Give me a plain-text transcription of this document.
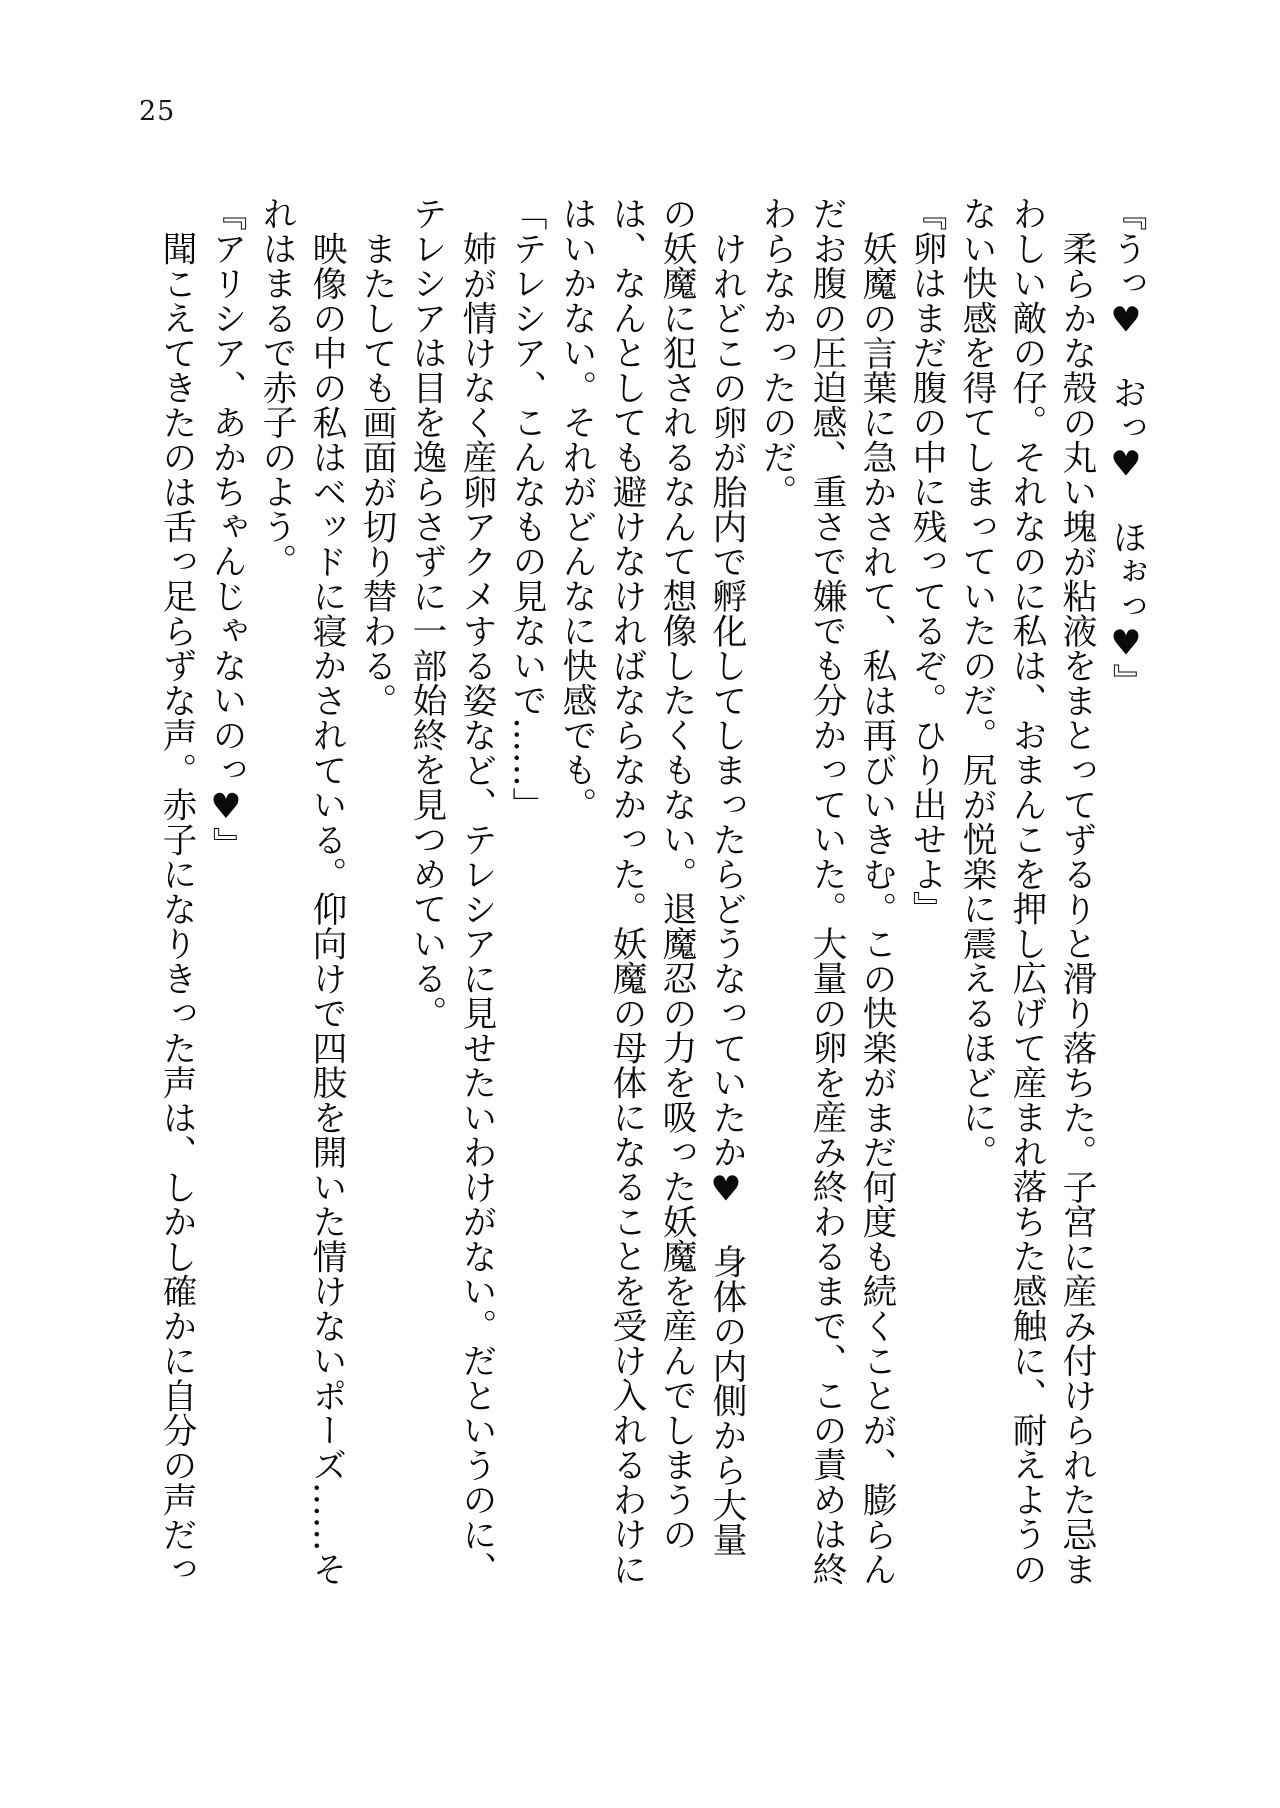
25

『うっ♥　おっ♥　ほぉっ♥』

柔らかな殻の丸い塊が粘液をまとってずるりと滑り落ちた。子宮に産み付けられた忌まわしい敵の仔。それなのに私は、おまんこを押し広げて産まれ落ちた感触に、耐えようのない快感を得てしまっていたのだ。尻が悦楽に震えるほどに。

『卵はまだ腹の中に残ってるぞ。ひり出せよ』

妖魔の言葉に急かされて、私は再びいきむ。この快楽がまだ何度も続くことが、膨らんだお腹の圧迫感、重さで嫌でも分かっていた。大量の卵を産み終わるまで、この責めは終わらなかったのだ。

けれどこの卵が胎内で孵化してしまったらどうなっていたか♥　身体の内側から大量の妖魔に犯されるなんて想像したくもない。退魔忍の力を吸った妖魔を産んでしまうのは、なんとしても避けなければならなかった。妖魔の母体になることを受け入れるわけにはいかない。それがどんなに快感でも。

「テレシア、こんなもの見ないで……」

姉が情けなく産卵アクメする姿など、テレシアに見せたいわけがない。だというのに、テレシアは目を逸らさずに一部始終を見つめている。

またしても画面が切り替わる。

映像の中の私はベッドに寝かされている。仰向けで四肢を開いた情けないポーズ……それはまるで赤子のよう。

『アリシア、あかちゃんじゃないのっ♥』

聞こえてきたのは舌っ足らずな声。赤子になりきった声は、しかし確かに自分の声だっ
